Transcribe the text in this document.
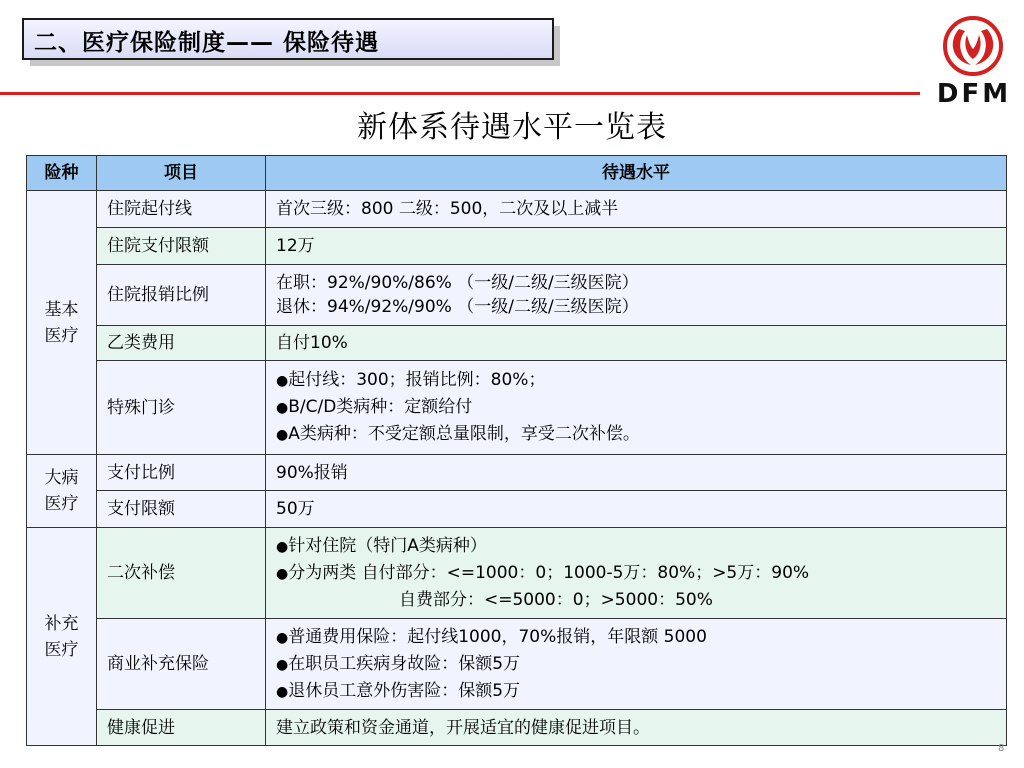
二、医疗保险制度—— 保险待遇
DFM
新体系待遇水平一览表
险种	项目	待遇水平

基本医疗	住院起付线	首次三级：800 二级：500，二次及以上减半
	住院支付限额	12万
	住院报销比例	在职：92%/90%/86% （一级/二级/三级医院）
退休：94%/92%/90% （一级/二级/三级医院）

	乙类费用	自付10%
	特殊门诊	● 起付线：300；报销比例：80%；
● B/C/D类病种：定额给付
● A类病种：不受定额总量限制，享受二次补偿。

大病医疗	支付比例	90%报销
	支付限额	50万

补充医疗	二次补偿	● 针对住院（特门A类病种）
● 分为两类 自付部分：<=1000：0；1000-5万：80%；>5万：90%
自费部分：<=5000：0；>5000：50%

	商业补充保险	● 普通费用保险：起付线1000，70%报销，年限额 5000
● 在职员工疾病身故险：保额5万
● 退休员工意外伤害险：保额5万

	健康促进	建立政策和资金通道，开展适宜的健康促进项目。
8
